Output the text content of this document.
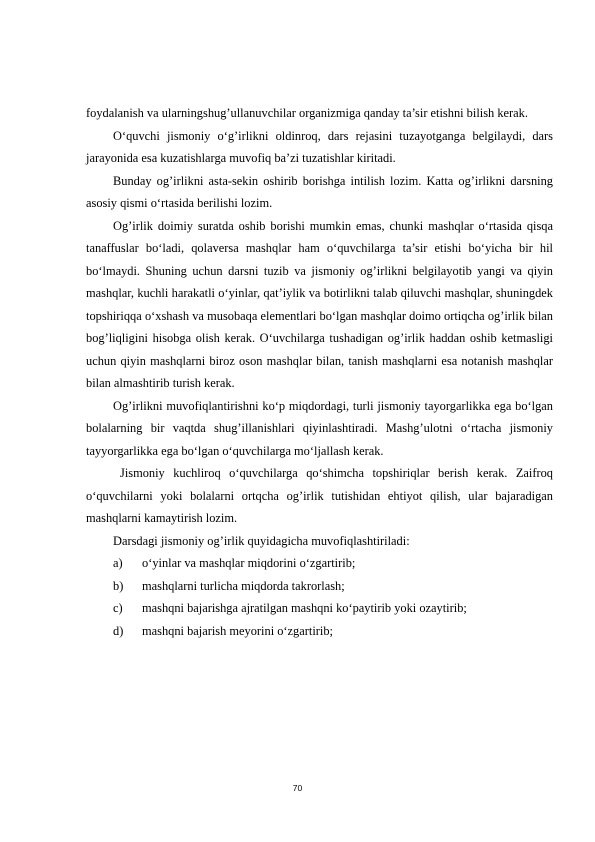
foydalanish va ularningshug’ullanuvchilar organizmiga qanday ta’sir etishni bilish kerak.

O‘quvchi jismoniy o‘g’irlikni oldinroq, dars rejasini tuzayotganga belgilaydi, dars jarayonida esa kuzatishlarga muvofiq ba’zi tuzatishlar kiritadi.

Bunday og’irlikni asta-sekin oshirib borishga intilish lozim. Katta og’irlikni darsning asosiy qismi o‘rtasida berilishi lozim.

Og’irlik doimiy suratda oshib borishi mumkin emas, chunki mashqlar o‘rtasida qisqa tanaffuslar bo‘ladi, qolaversa mashqlar ham o‘quvchilarga ta’sir etishi bo‘yicha bir hil bo‘lmaydi. Shuning uchun darsni tuzib va jismoniy og’irlikni belgilayotib yangi va qiyin mashqlar, kuchli harakatli o‘yinlar, qat’iylik va botirlikni talab qiluvchi mashqlar, shuningdek topshiriqqa o‘xshash va musobaqa elementlari bo‘lgan mashqlar doimo ortiqcha og’irlik bilan bog’liqligini hisobga olish kerak. O‘uvchilarga tushadigan og’irlik haddan oshib ketmasligi uchun qiyin mashqlarni biroz oson mashqlar bilan, tanish mashqlarni esa notanish mashqlar bilan almashtirib turish kerak.

Og’irlikni muvofiqlantirishni ko‘p miqdordagi, turli jismoniy tayorgarlikka ega bo‘lgan bolalarning bir vaqtda shug’illanishlari qiyinlashtiradi. Mashg’ulotni o‘rtacha jismoniy tayyorgarlikka ega bo‘lgan o‘quvchilarga mo‘ljallash kerak.

Jismoniy kuchliroq o‘quvchilarga qo‘shimcha topshiriqlar berish kerak. Zaifroq o‘quvchilarni yoki bolalarni ortqcha og’irlik tutishidan ehtiyot qilish, ular bajaradigan mashqlarni kamaytirish lozim.

Darsdagi jismoniy og’irlik quyidagicha muvofiqlashtiriladi:

a) o‘yinlar va mashqlar miqdorini o‘zgartirib;
b) mashqlarni turlicha miqdorda takrorlash;
c) mashqni bajarishga ajratilgan mashqni ko‘paytirib yoki ozaytirib;
d) mashqni bajarish meyorini o‘zgartirib;
70
